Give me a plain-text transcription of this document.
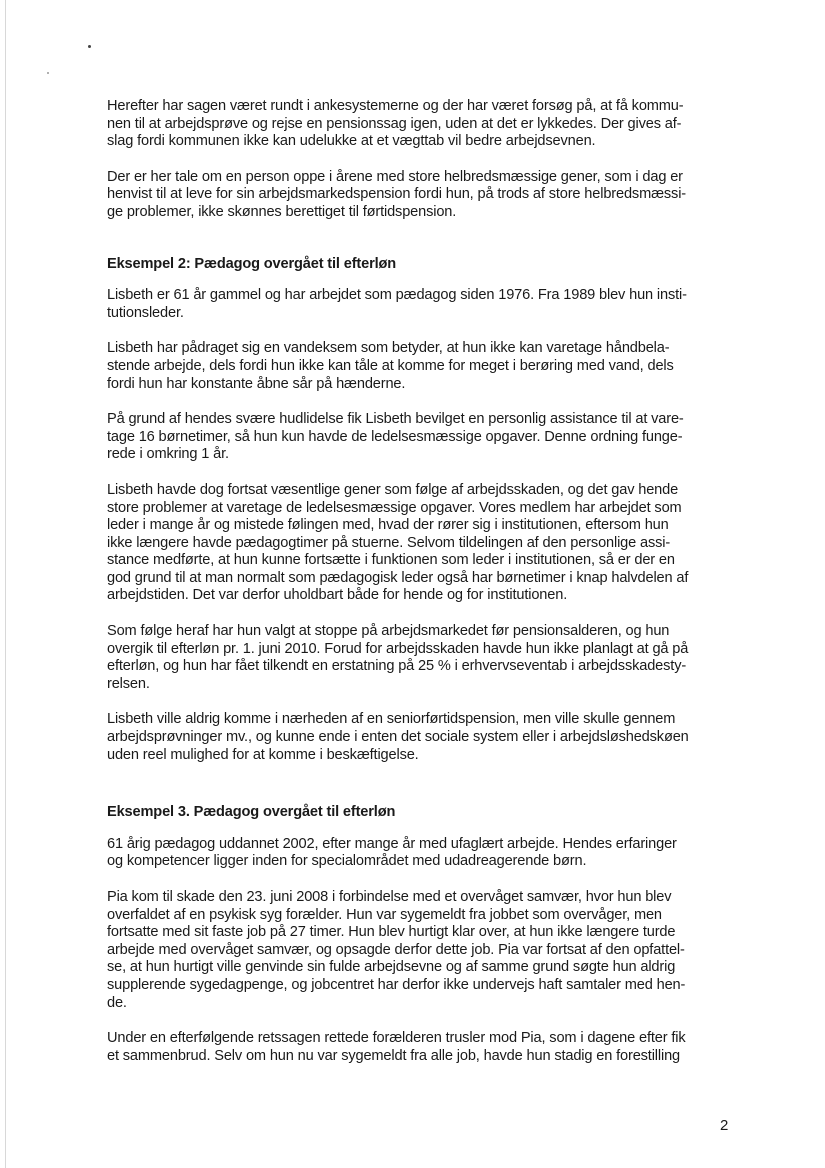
Herefter har sagen været rundt i ankesystemerne og der har været forsøg på, at få kommu-
nen til at arbejdsprøve og rejse en pensionssag igen, uden at det er lykkedes. Der gives af-
slag fordi kommunen ikke kan udelukke at et vægttab vil bedre arbejdsevnen.

Der er her tale om en person oppe i årene med store helbredsmæssige gener, som i dag er
henvist til at leve for sin arbejdsmarkedspension fordi hun, på trods af store helbredsmæssi-
ge problemer, ikke skønnes berettiget til førtidspension.

Eksempel 2: Pædagog overgået til efterløn

Lisbeth er 61 år gammel og har arbejdet som pædagog siden 1976. Fra 1989 blev hun insti-
tutionsleder.

Lisbeth har pådraget sig en vandeksem som betyder, at hun ikke kan varetage håndbela-
stende arbejde, dels fordi hun ikke kan tåle at komme for meget i berøring med vand, dels
fordi hun har konstante åbne sår på hænderne.

På grund af hendes svære hudlidelse fik Lisbeth bevilget en personlig assistance til at vare-
tage 16 børnetimer, så hun kun havde de ledelsesmæssige opgaver. Denne ordning funge-
rede i omkring 1 år.

Lisbeth havde dog fortsat væsentlige gener som følge af arbejdsskaden, og det gav hende
store problemer at varetage de ledelsesmæssige opgaver. Vores medlem har arbejdet som
leder i mange år og mistede følingen med, hvad der rører sig i institutionen, eftersom hun
ikke længere havde pædagogtimer på stuerne. Selvom tildelingen af den personlige assi-
stance medførte, at hun kunne fortsætte i funktionen som leder i institutionen, så er der en
god grund til at man normalt som pædagogisk leder også har børnetimer i knap halvdelen af
arbejdstiden. Det var derfor uholdbart både for hende og for institutionen.

Som følge heraf har hun valgt at stoppe på arbejdsmarkedet før pensionsalderen, og hun
overgik til efterløn pr. 1. juni 2010. Forud for arbejdsskaden havde hun ikke planlagt at gå på
efterløn, og hun har fået tilkendt en erstatning på 25 % i erhvervseventab i arbejdsskadesty-
relsen.

Lisbeth ville aldrig komme i nærheden af en seniorførtidspension, men ville skulle gennem
arbejdsprøvninger mv., og kunne ende i enten det sociale system eller i arbejdsløshedskøen
uden reel mulighed for at komme i beskæftigelse.

Eksempel 3. Pædagog overgået til efterløn

61 årig pædagog uddannet 2002, efter mange år med ufaglært arbejde. Hendes erfaringer
og kompetencer ligger inden for specialområdet med udadreagerende børn.

Pia kom til skade den 23. juni 2008 i forbindelse med et overvåget samvær, hvor hun blev
overfaldet af en psykisk syg forælder. Hun var sygemeldt fra jobbet som overvåger, men
fortsatte med sit faste job på 27 timer. Hun blev hurtigt klar over, at hun ikke længere turde
arbejde med overvåget samvær, og opsagde derfor dette job. Pia var fortsat af den opfattel-
se, at hun hurtigt ville genvinde sin fulde arbejdsevne og af samme grund søgte hun aldrig
supplerende sygedagpenge, og jobcentret har derfor ikke undervejs haft samtaler med hen-
de.

Under en efterfølgende retssagen rettede forælderen trusler mod Pia, som i dagene efter fik
et sammenbrud. Selv om hun nu var sygemeldt fra alle job, havde hun stadig en forestilling

2
